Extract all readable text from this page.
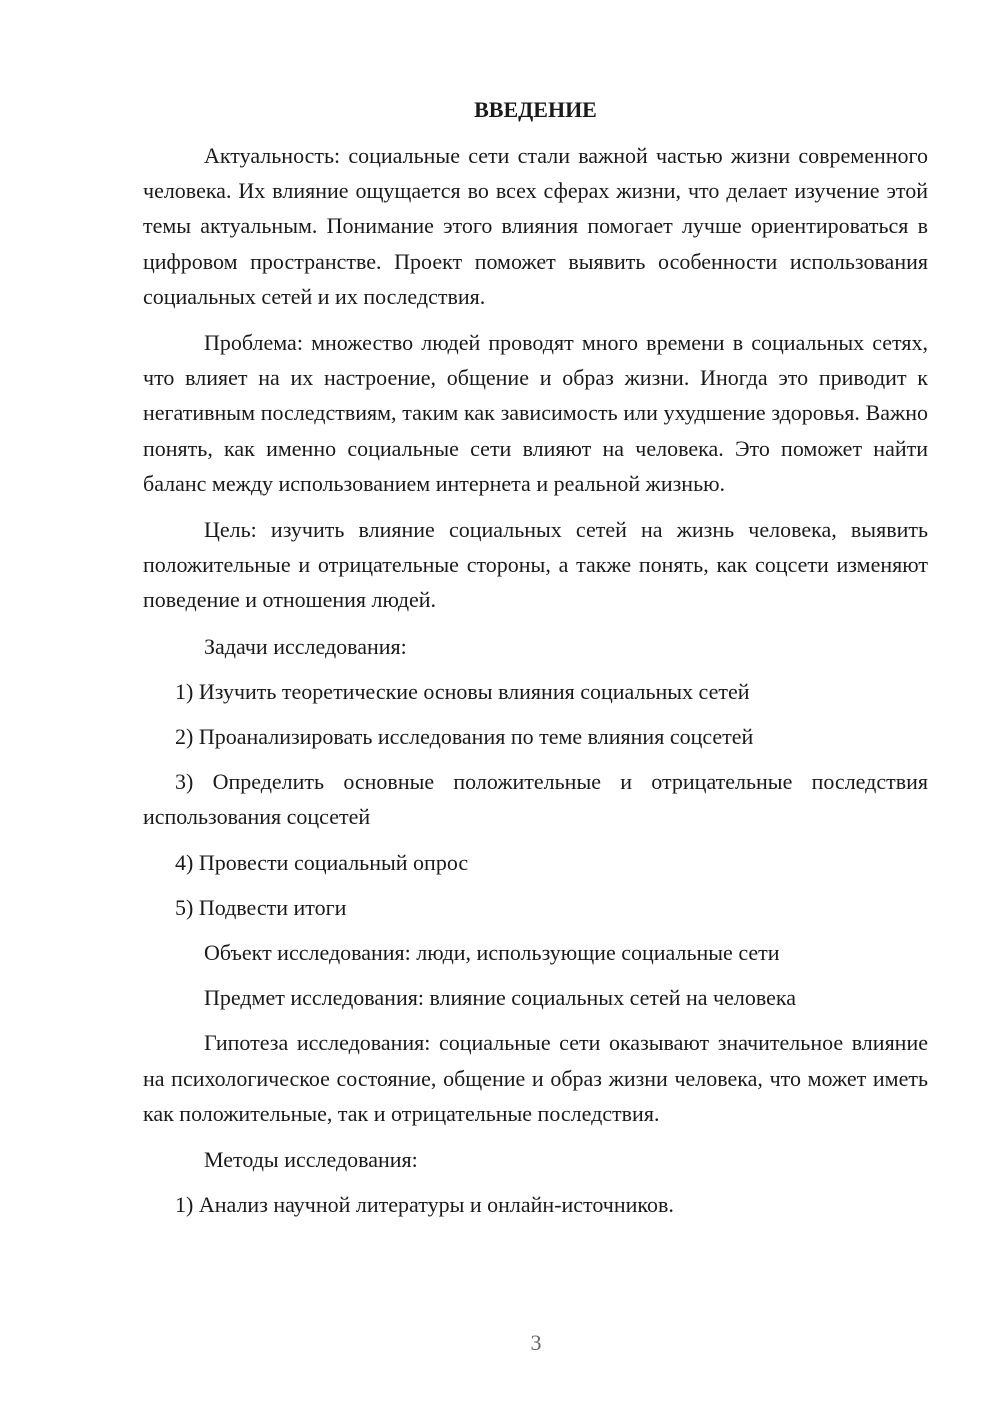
ВВЕДЕНИЕ

Актуальность: социальные сети стали важной частью жизни современного человека. Их влияние ощущается во всех сферах жизни, что делает изучение этой темы актуальным. Понимание этого влияния помогает лучше ориентироваться в цифровом пространстве. Проект поможет выявить особенности использования социальных сетей и их последствия.

Проблема: множество людей проводят много времени в социальных сетях, что влияет на их настроение, общение и образ жизни. Иногда это приводит к негативным последствиям, таким как зависимость или ухудшение здоровья. Важно понять, как именно социальные сети влияют на человека. Это поможет найти баланс между использованием интернета и реальной жизнью.

Цель: изучить влияние социальных сетей на жизнь человека, выявить положительные и отрицательные стороны, а также понять, как соцсети изменяют поведение и отношения людей.

Задачи исследования:

1) Изучить теоретические основы влияния социальных сетей

2) Проанализировать исследования по теме влияния соцсетей

3) Определить основные положительные и отрицательные последствия использования соцсетей

4) Провести социальный опрос

5) Подвести итоги

Объект исследования: люди, использующие социальные сети

Предмет исследования: влияние социальных сетей на человека

Гипотеза исследования: социальные сети оказывают значительное влияние на психологическое состояние, общение и образ жизни человека, что может иметь как положительные, так и отрицательные последствия.

Методы исследования:

1) Анализ научной литературы и онлайн-источников.

3
